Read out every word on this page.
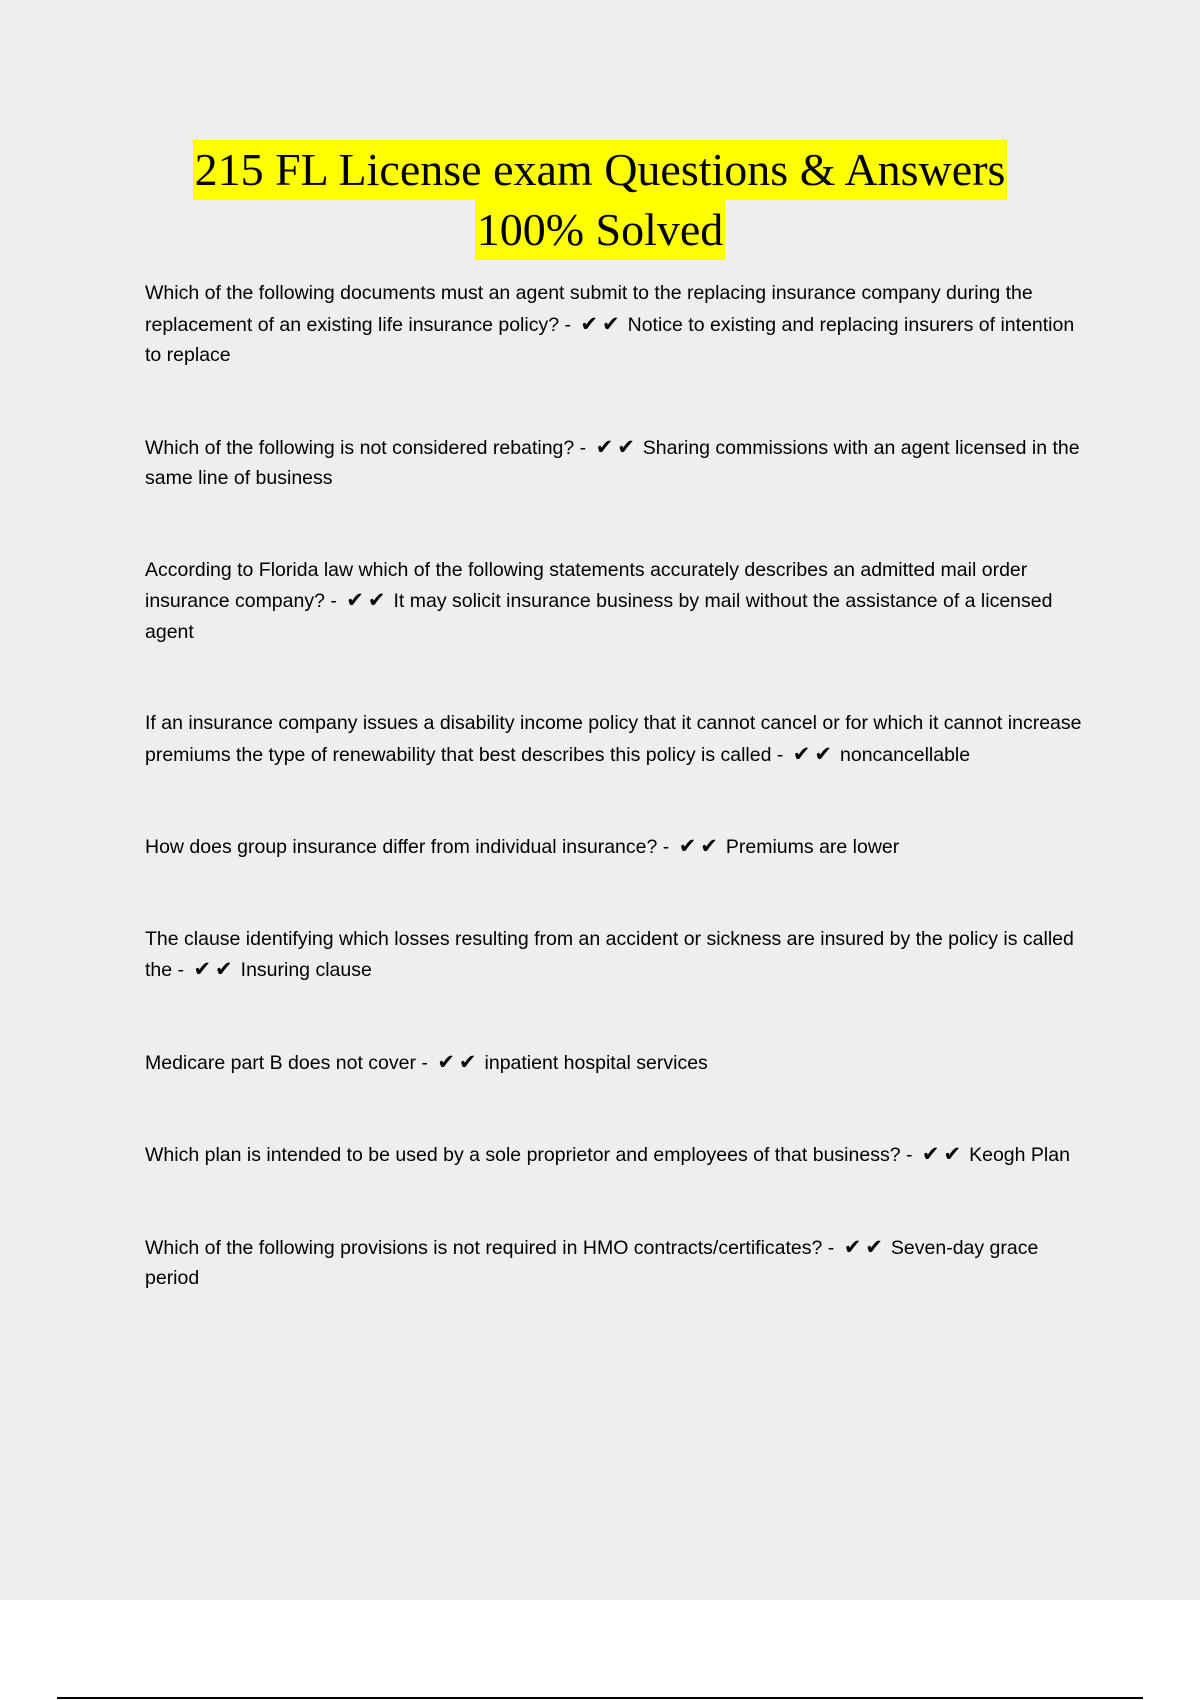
215 FL License exam Questions & Answers
100% Solved

Which of the following documents must an agent submit to the replacing insurance company during the replacement of an existing life insurance policy? - ✔✔ Notice to existing and replacing insurers of intention to replace

Which of the following is not considered rebating? - ✔✔ Sharing commissions with an agent licensed in the same line of business

According to Florida law which of the following statements accurately describes an admitted mail order insurance company? - ✔✔ It may solicit insurance business by mail without the assistance of a licensed agent

If an insurance company issues a disability income policy that it cannot cancel or for which it cannot increase premiums the type of renewability that best describes this policy is called - ✔✔ noncancellable

How does group insurance differ from individual insurance? - ✔✔ Premiums are lower

The clause identifying which losses resulting from an accident or sickness are insured by the policy is called the - ✔✔ Insuring clause

Medicare part B does not cover - ✔✔ inpatient hospital services

Which plan is intended to be used by a sole proprietor and employees of that business? - ✔✔ Keogh Plan

Which of the following provisions is not required in HMO contracts/certificates? - ✔✔ Seven-day grace period
